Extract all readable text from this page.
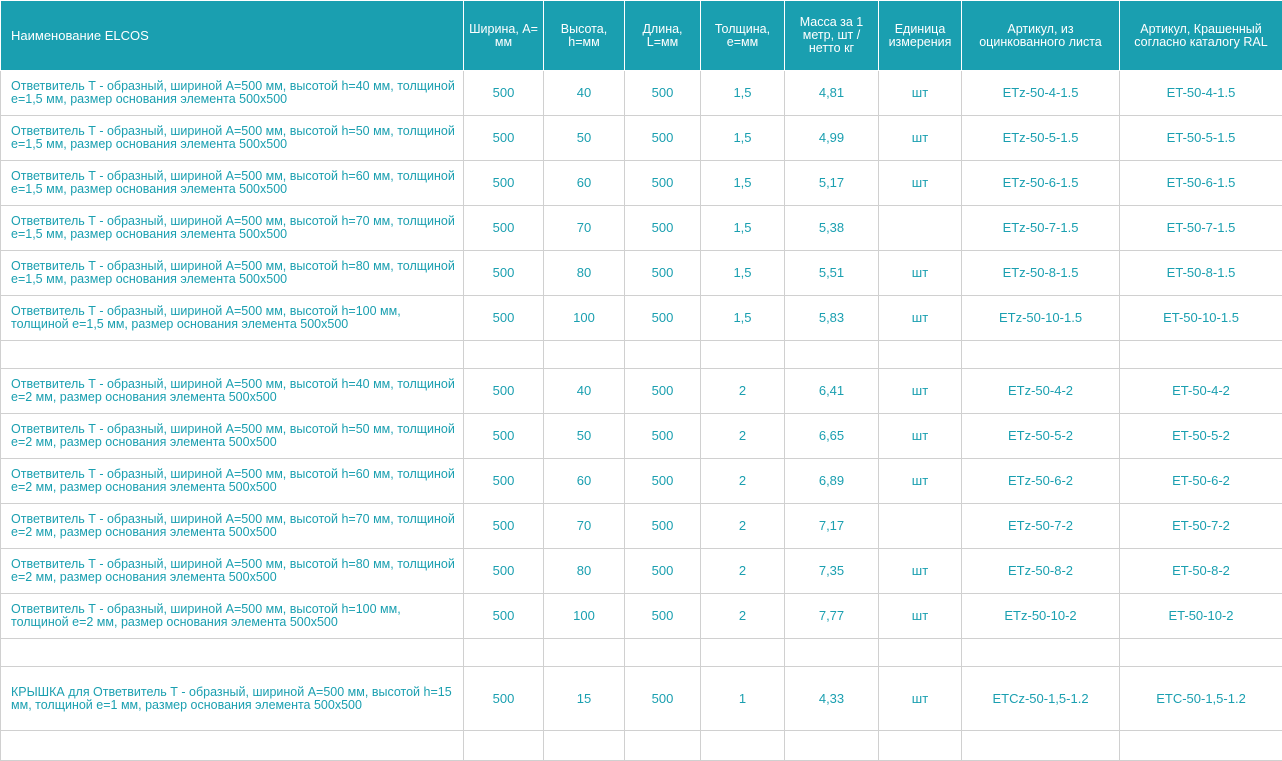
Наименование ELCOS	Ширина, А= мм	Высота, h=мм	Длина, L=мм	Толщина, е=мм	Масса за 1 метр, шт / нетто кг	Единица измерения	Артикул, из оцинкованного листа	Артикул, Крашенный согласно каталогу RAL
Ответвитель Т - образный, шириной А=500 мм, высотой h=40 мм, толщиной е=1,5 мм, размер основания элемента 500х500	500	40	500	1,5	4,81	шт	ETz-50-4-1.5	ET-50-4-1.5
Ответвитель Т - образный, шириной А=500 мм, высотой h=50 мм, толщиной е=1,5 мм, размер основания элемента 500х500	500	50	500	1,5	4,99	шт	ETz-50-5-1.5	ET-50-5-1.5
Ответвитель Т - образный, шириной А=500 мм, высотой h=60 мм, толщиной е=1,5 мм, размер основания элемента 500х500	500	60	500	1,5	5,17	шт	ETz-50-6-1.5	ET-50-6-1.5
Ответвитель Т - образный, шириной А=500 мм, высотой h=70 мм, толщиной е=1,5 мм, размер основания элемента 500х500	500	70	500	1,5	5,38		ETz-50-7-1.5	ET-50-7-1.5
Ответвитель Т - образный, шириной А=500 мм, высотой h=80 мм, толщиной е=1,5 мм, размер основания элемента 500х500	500	80	500	1,5	5,51	шт	ETz-50-8-1.5	ET-50-8-1.5
Ответвитель Т - образный, шириной А=500 мм, высотой h=100 мм, толщиной е=1,5 мм, размер основания элемента 500х500	500	100	500	1,5	5,83	шт	ETz-50-10-1.5	ET-50-10-1.5

Ответвитель Т - образный, шириной А=500 мм, высотой h=40 мм, толщиной е=2 мм, размер основания элемента 500х500	500	40	500	2	6,41	шт	ETz-50-4-2	ET-50-4-2
Ответвитель Т - образный, шириной А=500 мм, высотой h=50 мм, толщиной е=2 мм, размер основания элемента 500х500	500	50	500	2	6,65	шт	ETz-50-5-2	ET-50-5-2
Ответвитель Т - образный, шириной А=500 мм, высотой h=60 мм, толщиной е=2 мм, размер основания элемента 500х500	500	60	500	2	6,89	шт	ETz-50-6-2	ET-50-6-2
Ответвитель Т - образный, шириной А=500 мм, высотой h=70 мм, толщиной е=2 мм, размер основания элемента 500х500	500	70	500	2	7,17		ETz-50-7-2	ET-50-7-2
Ответвитель Т - образный, шириной А=500 мм, высотой h=80 мм, толщиной е=2 мм, размер основания элемента 500х500	500	80	500	2	7,35	шт	ETz-50-8-2	ET-50-8-2
Ответвитель Т - образный, шириной А=500 мм, высотой h=100 мм, толщиной е=2 мм, размер основания элемента 500х500	500	100	500	2	7,77	шт	ETz-50-10-2	ET-50-10-2

КРЫШКА для Ответвитель Т - образный, шириной А=500 мм, высотой h=15 мм, толщиной е=1 мм, размер основания элемента 500х500	500	15	500	1	4,33	шт	ETCz-50-1,5-1.2	ETC-50-1,5-1.2
